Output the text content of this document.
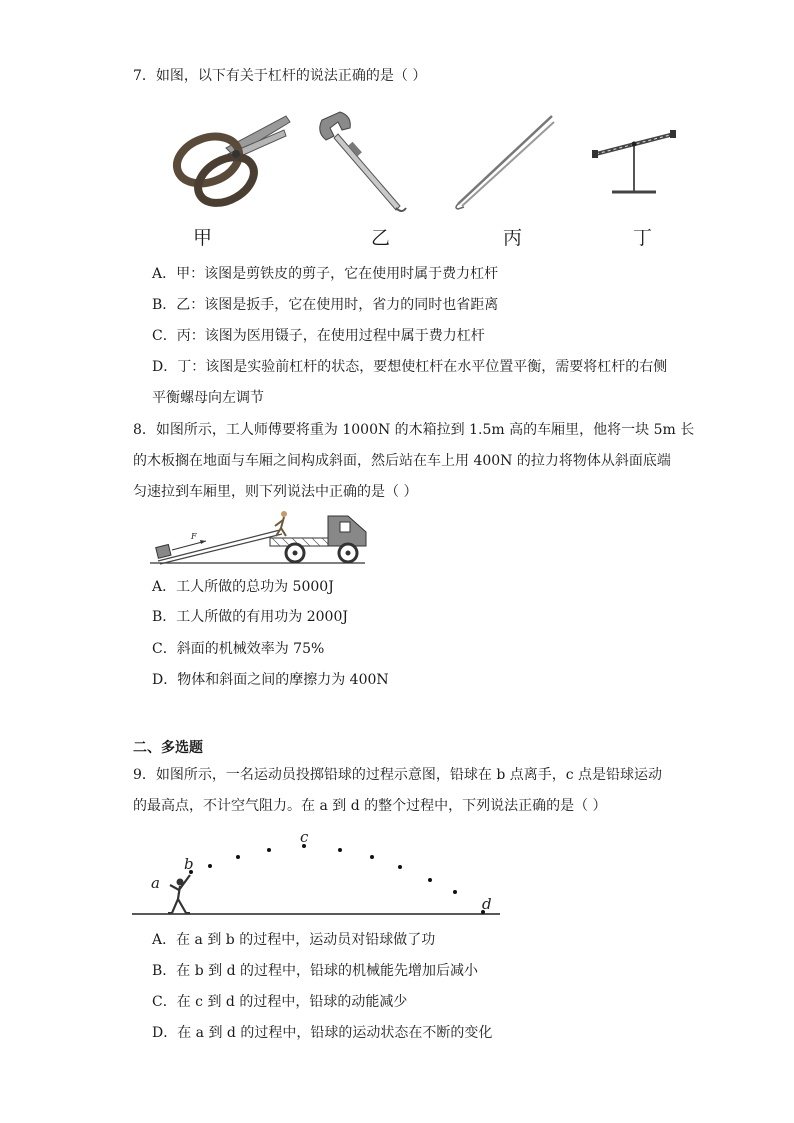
7．如图，以下有关于杠杆的说法正确的是（ ）
甲	乙	丙	丁
A．甲：该图是剪铁皮的剪子，它在使用时属于费力杠杆
B．乙：该图是扳手，它在使用时，省力的同时也省距离
C．丙：该图为医用镊子，在使用过程中属于费力杠杆
D．丁：该图是实验前杠杆的状态，要想使杠杆在水平位置平衡，需要将杠杆的右侧
平衡螺母向左调节
8．如图所示，工人师傅要将重为 1000N 的木箱拉到 1.5m 高的车厢里，他将一块 5m 长
的木板搁在地面与车厢之间构成斜面，然后站在车上用 400N 的拉力将物体从斜面底端
匀速拉到车厢里，则下列说法中正确的是（ ）
F
A．工人所做的总功为 5000J
B．工人所做的有用功为 2000J
C．斜面的机械效率为 75%
D．物体和斜面之间的摩擦力为 400N
二、多选题
9．如图所示，一名运动员投掷铅球的过程示意图，铅球在 b 点离手，c 点是铅球运动
的最高点，不计空气阻力。在 a 到 d 的整个过程中，下列说法正确的是（ ）
a
b
c
d
A．在 a 到 b 的过程中，运动员对铅球做了功
B．在 b 到 d 的过程中，铅球的机械能先增加后减小
C．在 c 到 d 的过程中，铅球的动能减少
D．在 a 到 d 的过程中，铅球的运动状态在不断的变化
